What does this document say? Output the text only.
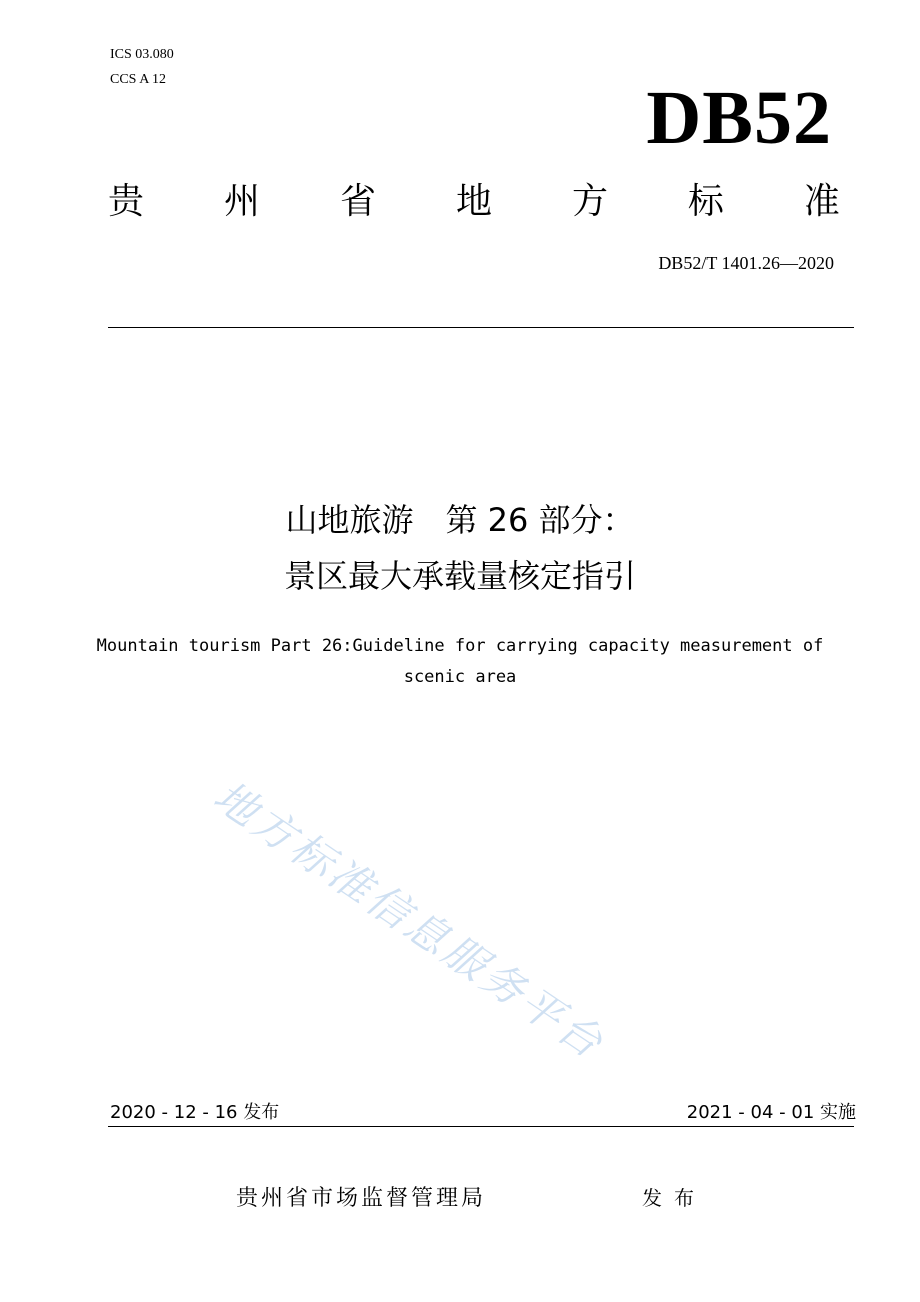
ICS 03.080
CCS A 12	DB52
贵 州 省 地 方 标 准
DB52/T 1401.26—2020
山地旅游　第 26 部分：
景区最大承载量核定指引
Mountain tourism Part 26:Guideline for carrying capacity measurement of
scenic area
地方标准信息服务平台
2020 - 12 - 16 发布	2021 - 04 - 01 实施
贵州省市场监督管理局	发布
